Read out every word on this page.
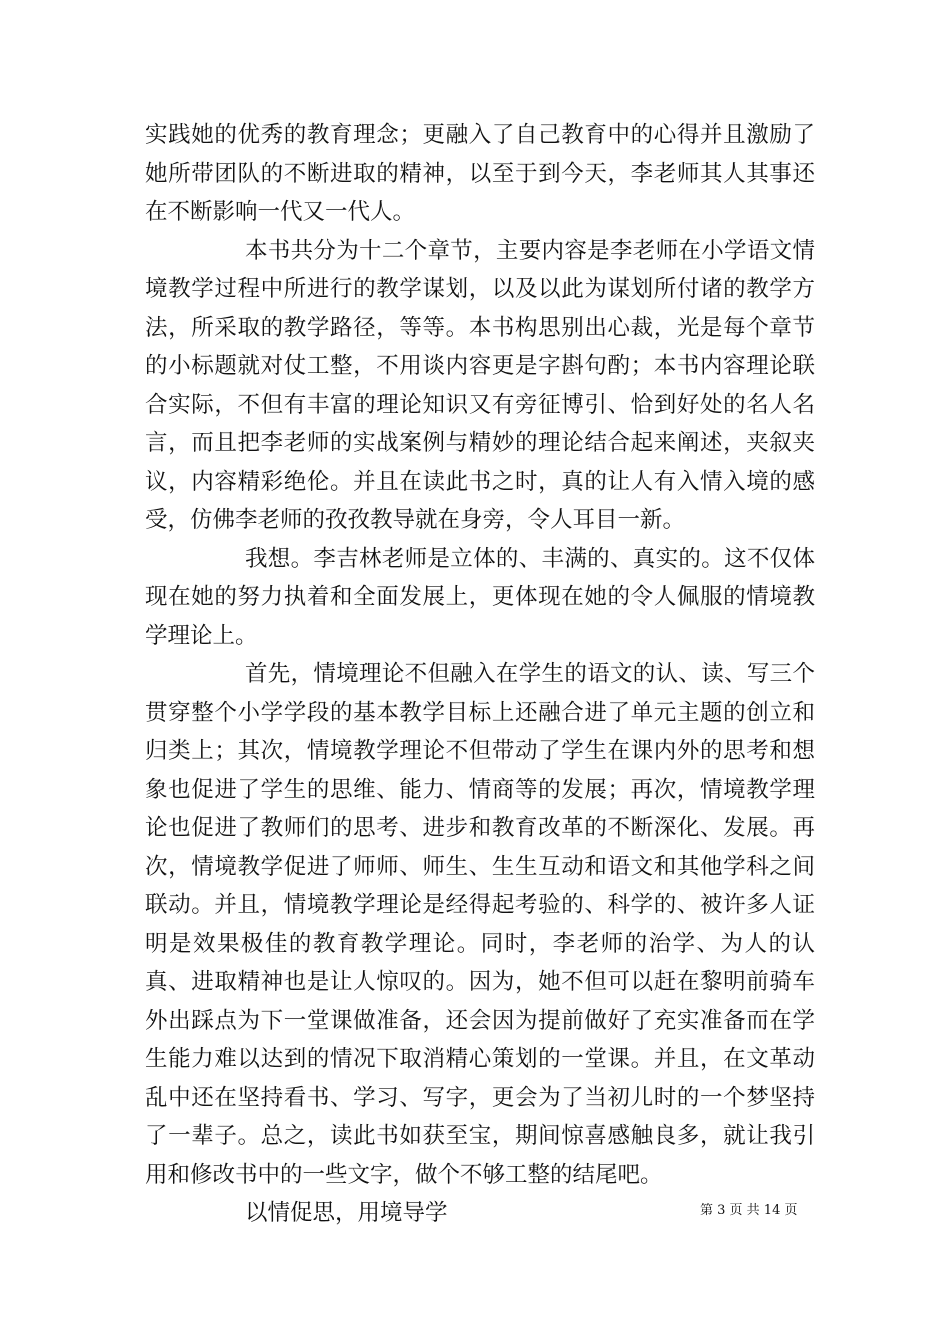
实践她的优秀的教育理念；更融入了自己教育中的心得并且激励了她所带团队的不断进取的精神，以至于到今天，李老师其人其事还在不断影响一代又一代人。

本书共分为十二个章节，主要内容是李老师在小学语文情境教学过程中所进行的教学谋划，以及以此为谋划所付诸的教学方法，所采取的教学路径，等等。本书构思别出心裁，光是每个章节的小标题就对仗工整，不用谈内容更是字斟句酌；本书内容理论联合实际，不但有丰富的理论知识又有旁征博引、恰到好处的名人名言，而且把李老师的实战案例与精妙的理论结合起来阐述，夹叙夹议，内容精彩绝伦。并且在读此书之时，真的让人有入情入境的感受，仿佛李老师的孜孜教导就在身旁，令人耳目一新。

我想。李吉林老师是立体的、丰满的、真实的。这不仅体现在她的努力执着和全面发展上，更体现在她的令人佩服的情境教学理论上。

首先，情境理论不但融入在学生的语文的认、读、写三个贯穿整个小学学段的基本教学目标上还融合进了单元主题的创立和归类上；其次，情境教学理论不但带动了学生在课内外的思考和想象也促进了学生的思维、能力、情商等的发展；再次，情境教学理论也促进了教师们的思考、进步和教育改革的不断深化、发展。再次，情境教学促进了师师、师生、生生互动和语文和其他学科之间联动。并且，情境教学理论是经得起考验的、科学的、被许多人证明是效果极佳的教育教学理论。同时，李老师的治学、为人的认真、进取精神也是让人惊叹的。因为，她不但可以赶在黎明前骑车外出踩点为下一堂课做准备，还会因为提前做好了充实准备而在学生能力难以达到的情况下取消精心策划的一堂课。并且，在文革动乱中还在坚持看书、学习、写字，更会为了当初儿时的一个梦坚持了一辈子。总之，读此书如获至宝，期间惊喜感触良多，就让我引用和修改书中的一些文字，做个不够工整的结尾吧。

以情促思，用境导学	第 3 页 共 14 页
